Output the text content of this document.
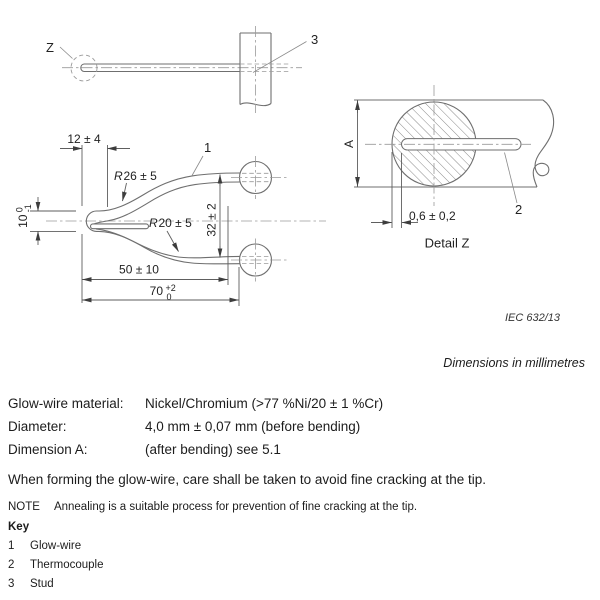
Z
3
1
12 ± 4
R 26 ± 5
R 20 ± 5
10
0
-1	32 ± 2
50 ± 10
70 +2
0
A
0,6 ± 0,2	2
Detail Z
IEC 632/13
Dimensions in millimetres
Glow-wire material: Nickel/Chromium (>77 %Ni/20 ± 1 %Cr)
Diameter:	4,0 mm ± 0,07 mm (before bending)
Dimension A:	(after bending) see 5.1
When forming the glow-wire, care shall be taken to avoid fine cracking at the tip.
NOTE Annealing is a suitable process for prevention of fine cracking at the tip.
Key
1 Glow-wire
2 Thermocouple
3 Stud
